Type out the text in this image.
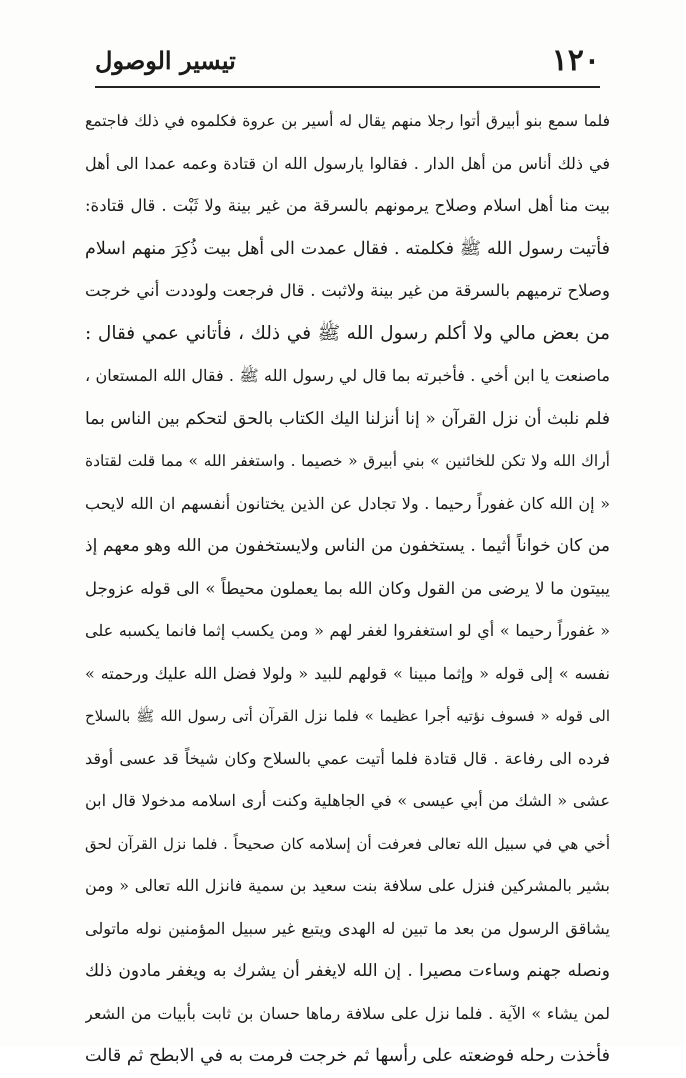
١٢٠
تيسير الوصول
فلما سمع بنو أبيرق أتوا رجلا منهم يقال له أسير بن عروة فكلموه في ذلك فاجتمع
في ذلك أناس من أهل الدار . فقالوا يارسول الله ان قتادة وعمه عمدا الى أهل
بيت منا أهل اسلام وصلاح يرمونهم بالسرقة من غير بينة ولا ثَبْت . قال قتادة:
فأتيت رسول الله ﷺ فكلمته . فقال عمدت الى أهل بيت ذُكِرَ منهم اسلام
وصلاح ترميهم بالسرقة من غير بينة ولاثبت . قال فرجعت ولوددت أني خرجت
من بعض مالي ولا أكلم رسول الله ﷺ في ذلك ، فأتاني عمي فقال :
ماصنعت يا ابن أخي . فأخبرته بما قال لي رسول الله ﷺ . فقال الله المستعان ،
فلم نلبث أن نزل القرآن « إنا أنزلنا اليك الكتاب بالحق لتحكم بين الناس بما
أراك الله ولا تكن للخائنين » بني أبيرق « خصيما . واستغفر الله » مما قلت لقتادة
« إن الله كان غفوراً رحيما . ولا تجادل عن الذين يختانون أنفسهم ان الله لايحب
من كان خواناً أثيما . يستخفون من الناس ولايستخفون من الله وهو معهم إذ
يبيتون ما لا يرضى من القول وكان الله بما يعملون محيطاً » الى قوله عزوجل
« غفوراً رحيما » أي لو استغفروا لغفر لهم « ومن يكسب إثما فانما يكسبه على
نفسه » إلى قوله « وإثما مبينا » قولهم للبيد « ولولا فضل الله عليك ورحمته »
الى قوله « فسوف نؤتيه أجرا عظيما » فلما نزل القرآن أتى رسول الله ﷺ بالسلاح
فرده الى رفاعة . قال قتادة فلما أتيت عمي بالسلاح وكان شيخاً قد عسى أوقد
عشى « الشك من أبي عيسى » في الجاهلية وكنت أرى اسلامه مدخولا قال ابن
أخي هي في سبيل الله تعالى فعرفت أن إسلامه كان صحيحاً . فلما نزل القرآن لحق
بشير بالمشركين فنزل على سلافة بنت سعيد بن سمية فانزل الله تعالى « ومن
يشاقق الرسول من بعد ما تبين له الهدى ويتبع غير سبيل المؤمنين نوله ماتولى
ونصله جهنم وساءت مصيرا . إن الله لايغفر أن يشرك به ويغفر مادون ذلك
لمن يشاء » الآية . فلما نزل على سلافة رماها حسان بن ثابت بأبيات من الشعر
فأخذت رحله فوضعته على رأسها ثم خرجت فرمت به في الابطح ثم قالت
